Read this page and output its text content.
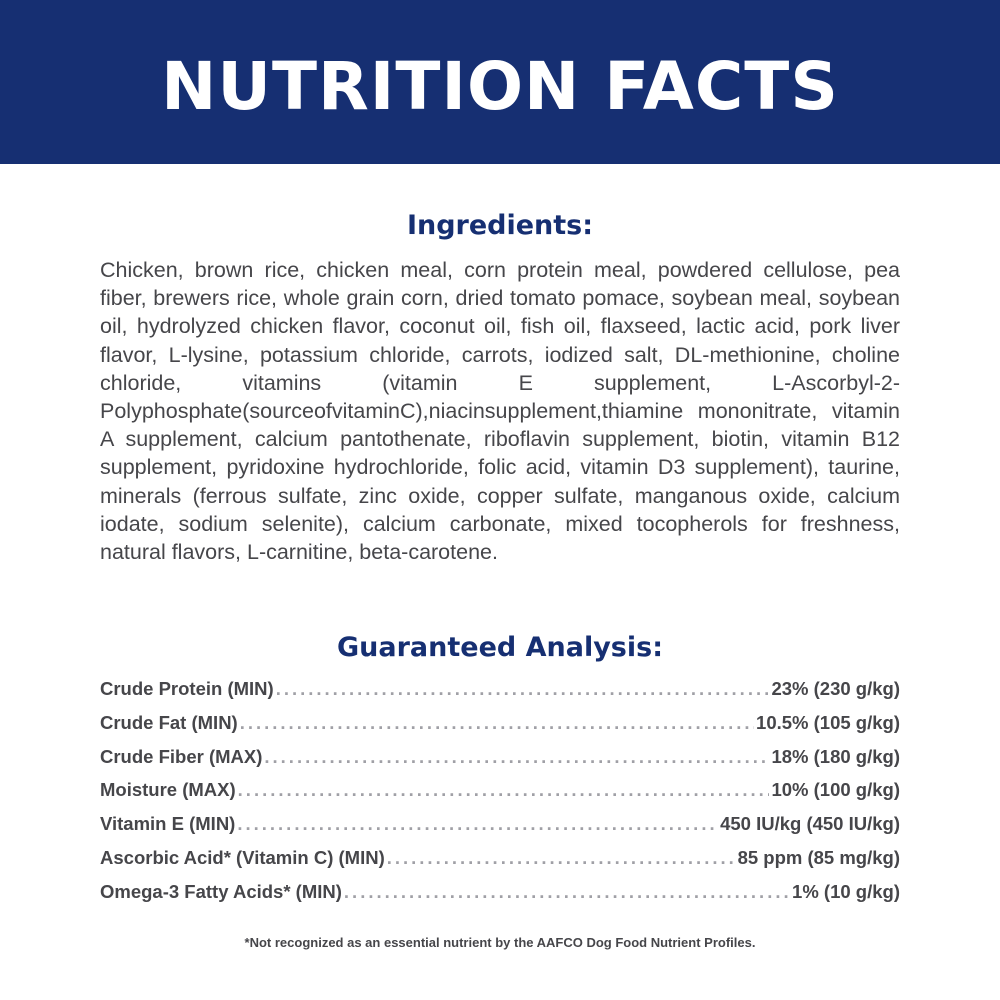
NUTRITION FACTS
Ingredients:
Chicken, brown rice, chicken meal, corn protein meal, powdered cellulose, pea fiber, brewers rice, whole grain corn, dried tomato pomace, soybean meal, soybean oil, hydrolyzed chicken flavor, coconut oil, fish oil, flaxseed, lactic acid, pork liver flavor, L-lysine, potassium chloride, carrots, iodized salt, DL-methionine, choline chloride, vitamins (vitamin E supplement, L-Ascorbyl-2-Polyphosphate(sourceofvitaminC),niacinsupplement,thiamine mononitrate, vitamin A supplement, calcium pantothenate, riboflavin supplement, biotin, vitamin B12 supplement, pyridoxine hydrochloride, folic acid, vitamin D3 supplement), taurine, minerals (ferrous sulfate, zinc oxide, copper sulfate, manganous oxide, calcium iodate, sodium selenite), calcium carbonate, mixed tocopherols for freshness, natural flavors, L-carnitine, beta-carotene.
Guaranteed Analysis:
Crude Protein (MIN) .....	23% (230 g/kg)
Crude Fat (MIN) .....	10.5% (105 g/kg)
Crude Fiber (MAX) .....	18% (180 g/kg)
Moisture (MAX) .....	10% (100 g/kg)
Vitamin E (MIN) .....	450 IU/kg (450 IU/kg)
Ascorbic Acid* (Vitamin C) (MIN) .....	85 ppm (85 mg/kg)
Omega-3 Fatty Acids* (MIN) .....	1% (10 g/kg)
*Not recognized as an essential nutrient by the AAFCO Dog Food Nutrient Profiles.
